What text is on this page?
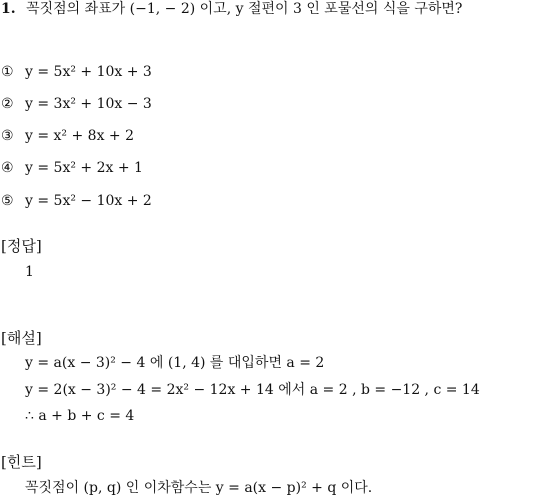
1. 꼭짓점의 좌표가 (−1, − 2) 이고, y 절편이 3 인 포물선의 식을 구하면?
① y = 5x² + 10x + 3
② y = 3x² + 10x − 3
③ y = x² + 8x + 2
④ y = 5x² + 2x + 1
⑤ y = 5x² − 10x + 2
[정답]
1
[해설]
y = a(x − 3)² − 4 에 (1, 4) 를 대입하면 a = 2
y = 2(x − 3)² − 4 = 2x² − 12x + 14 에서 a = 2 , b = −12 , c = 14
∴ a + b + c = 4
[힌트]
꼭짓점이 (p, q) 인 이차함수는 y = a(x − p)² + q 이다.
